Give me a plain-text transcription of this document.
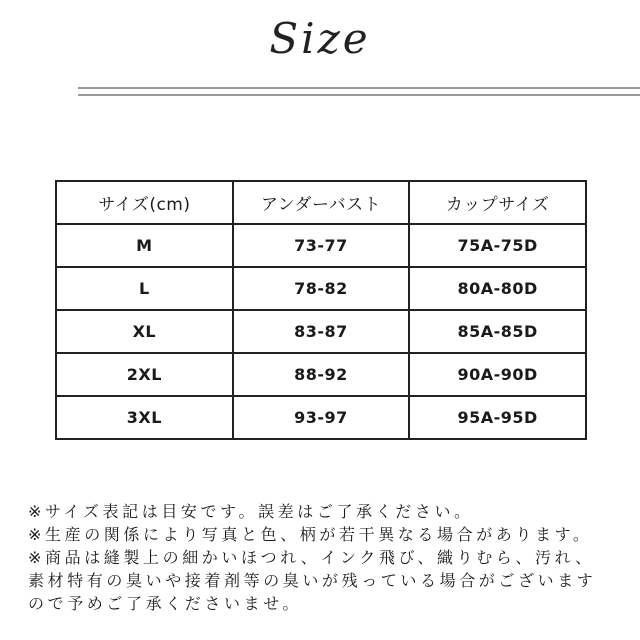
Size
サイズ(cm)	アンダーバスト	カップサイズ
M	73-77	75A-75D
L	78-82	80A-80D
XL	83-87	85A-85D
2XL	88-92	90A-90D
3XL	93-97	95A-95D
※サイズ表記は目安です。誤差はご了承ください。
※生産の関係により写真と色、柄が若干異なる場合があります。
※商品は縫製上の細かいほつれ、インク飛び、織りむら、汚れ、
素材特有の臭いや接着剤等の臭いが残っている場合がございます
ので予めご了承くださいませ。
